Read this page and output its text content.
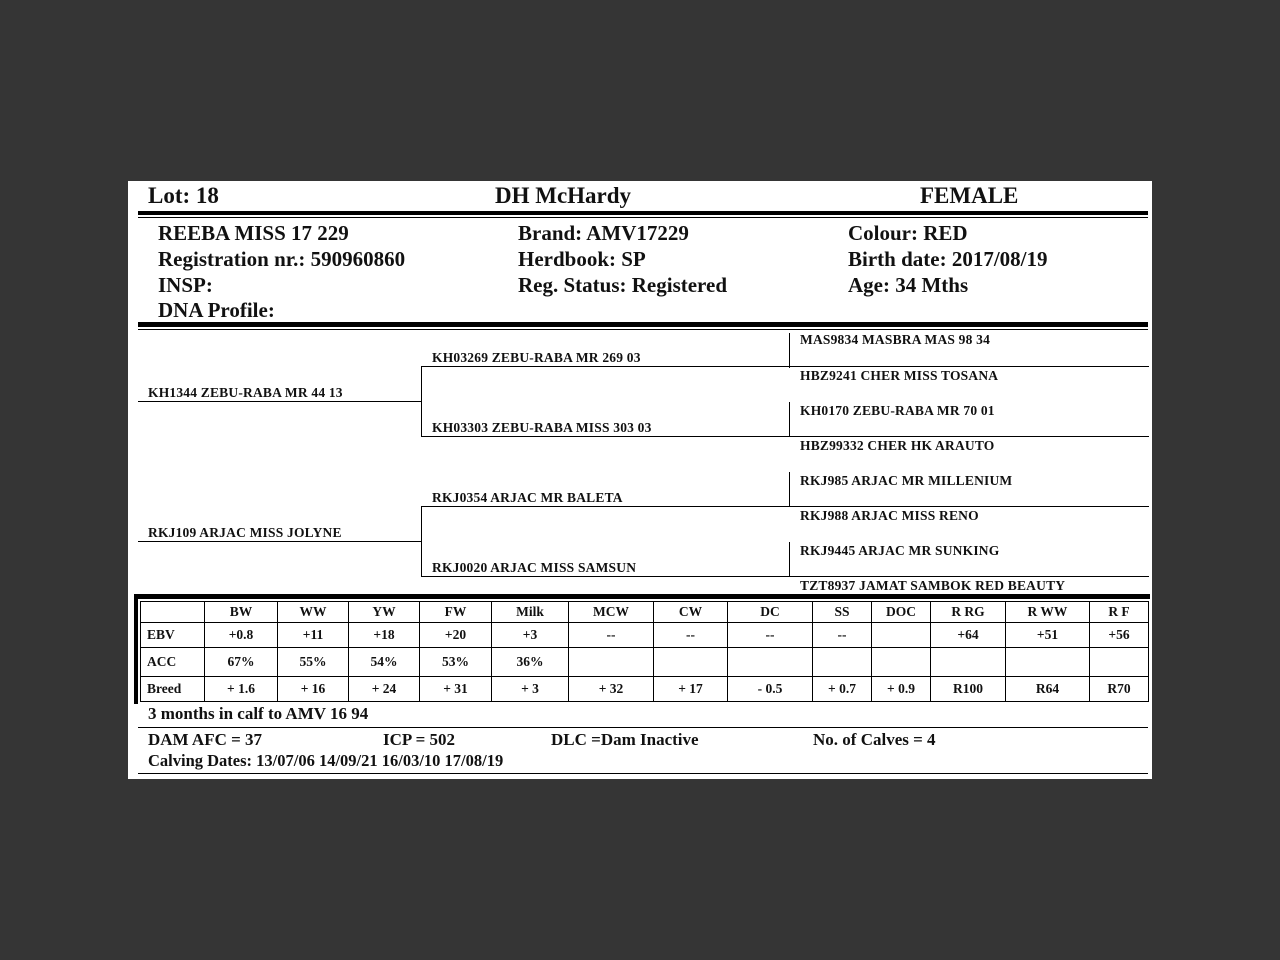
Lot: 18	DH McHardy	FEMALE
REEBA MISS 17 229
Registration nr.: 590960860
INSP:
DNA Profile:
Brand: AMV17229
Herdbook: SP
Reg. Status: Registered
Colour: RED
Birth date: 2017/08/19
Age: 34 Mths
KH1344 ZEBU-RABA MR 44 13
RKJ109 ARJAC MISS JOLYNE
KH03269 ZEBU-RABA MR 269 03
KH03303 ZEBU-RABA MISS 303 03
RKJ0354 ARJAC MR BALETA
RKJ0020 ARJAC MISS SAMSUN
MAS9834 MASBRA MAS 98 34
HBZ9241 CHER MISS TOSANA
KH0170 ZEBU-RABA MR 70 01
HBZ99332 CHER HK ARAUTO
RKJ985 ARJAC MR MILLENIUM
RKJ988 ARJAC MISS RENO
RKJ9445 ARJAC MR SUNKING
TZT8937 JAMAT SAMBOK RED BEAUTY
	BW	WW	YW	FW	Milk	MCW	CW	DC	SS	DOC	R RG	R WW	R F
EBV	+0.8	+11	+18	+20	+3	--	--	--	--		+64	+51	+56
ACC	67%	55%	54%	53%	36%								
Breed	+ 1.6	+ 16	+ 24	+ 31	+ 3	+ 32	+ 17	- 0.5	+ 0.7	+ 0.9	R100	R64	R70
3 months in calf to AMV 16 94
DAM AFC = 37	ICP = 502	DLC =Dam Inactive	No. of Calves = 4
Calving Dates: 13/07/06 14/09/21 16/03/10 17/08/19
